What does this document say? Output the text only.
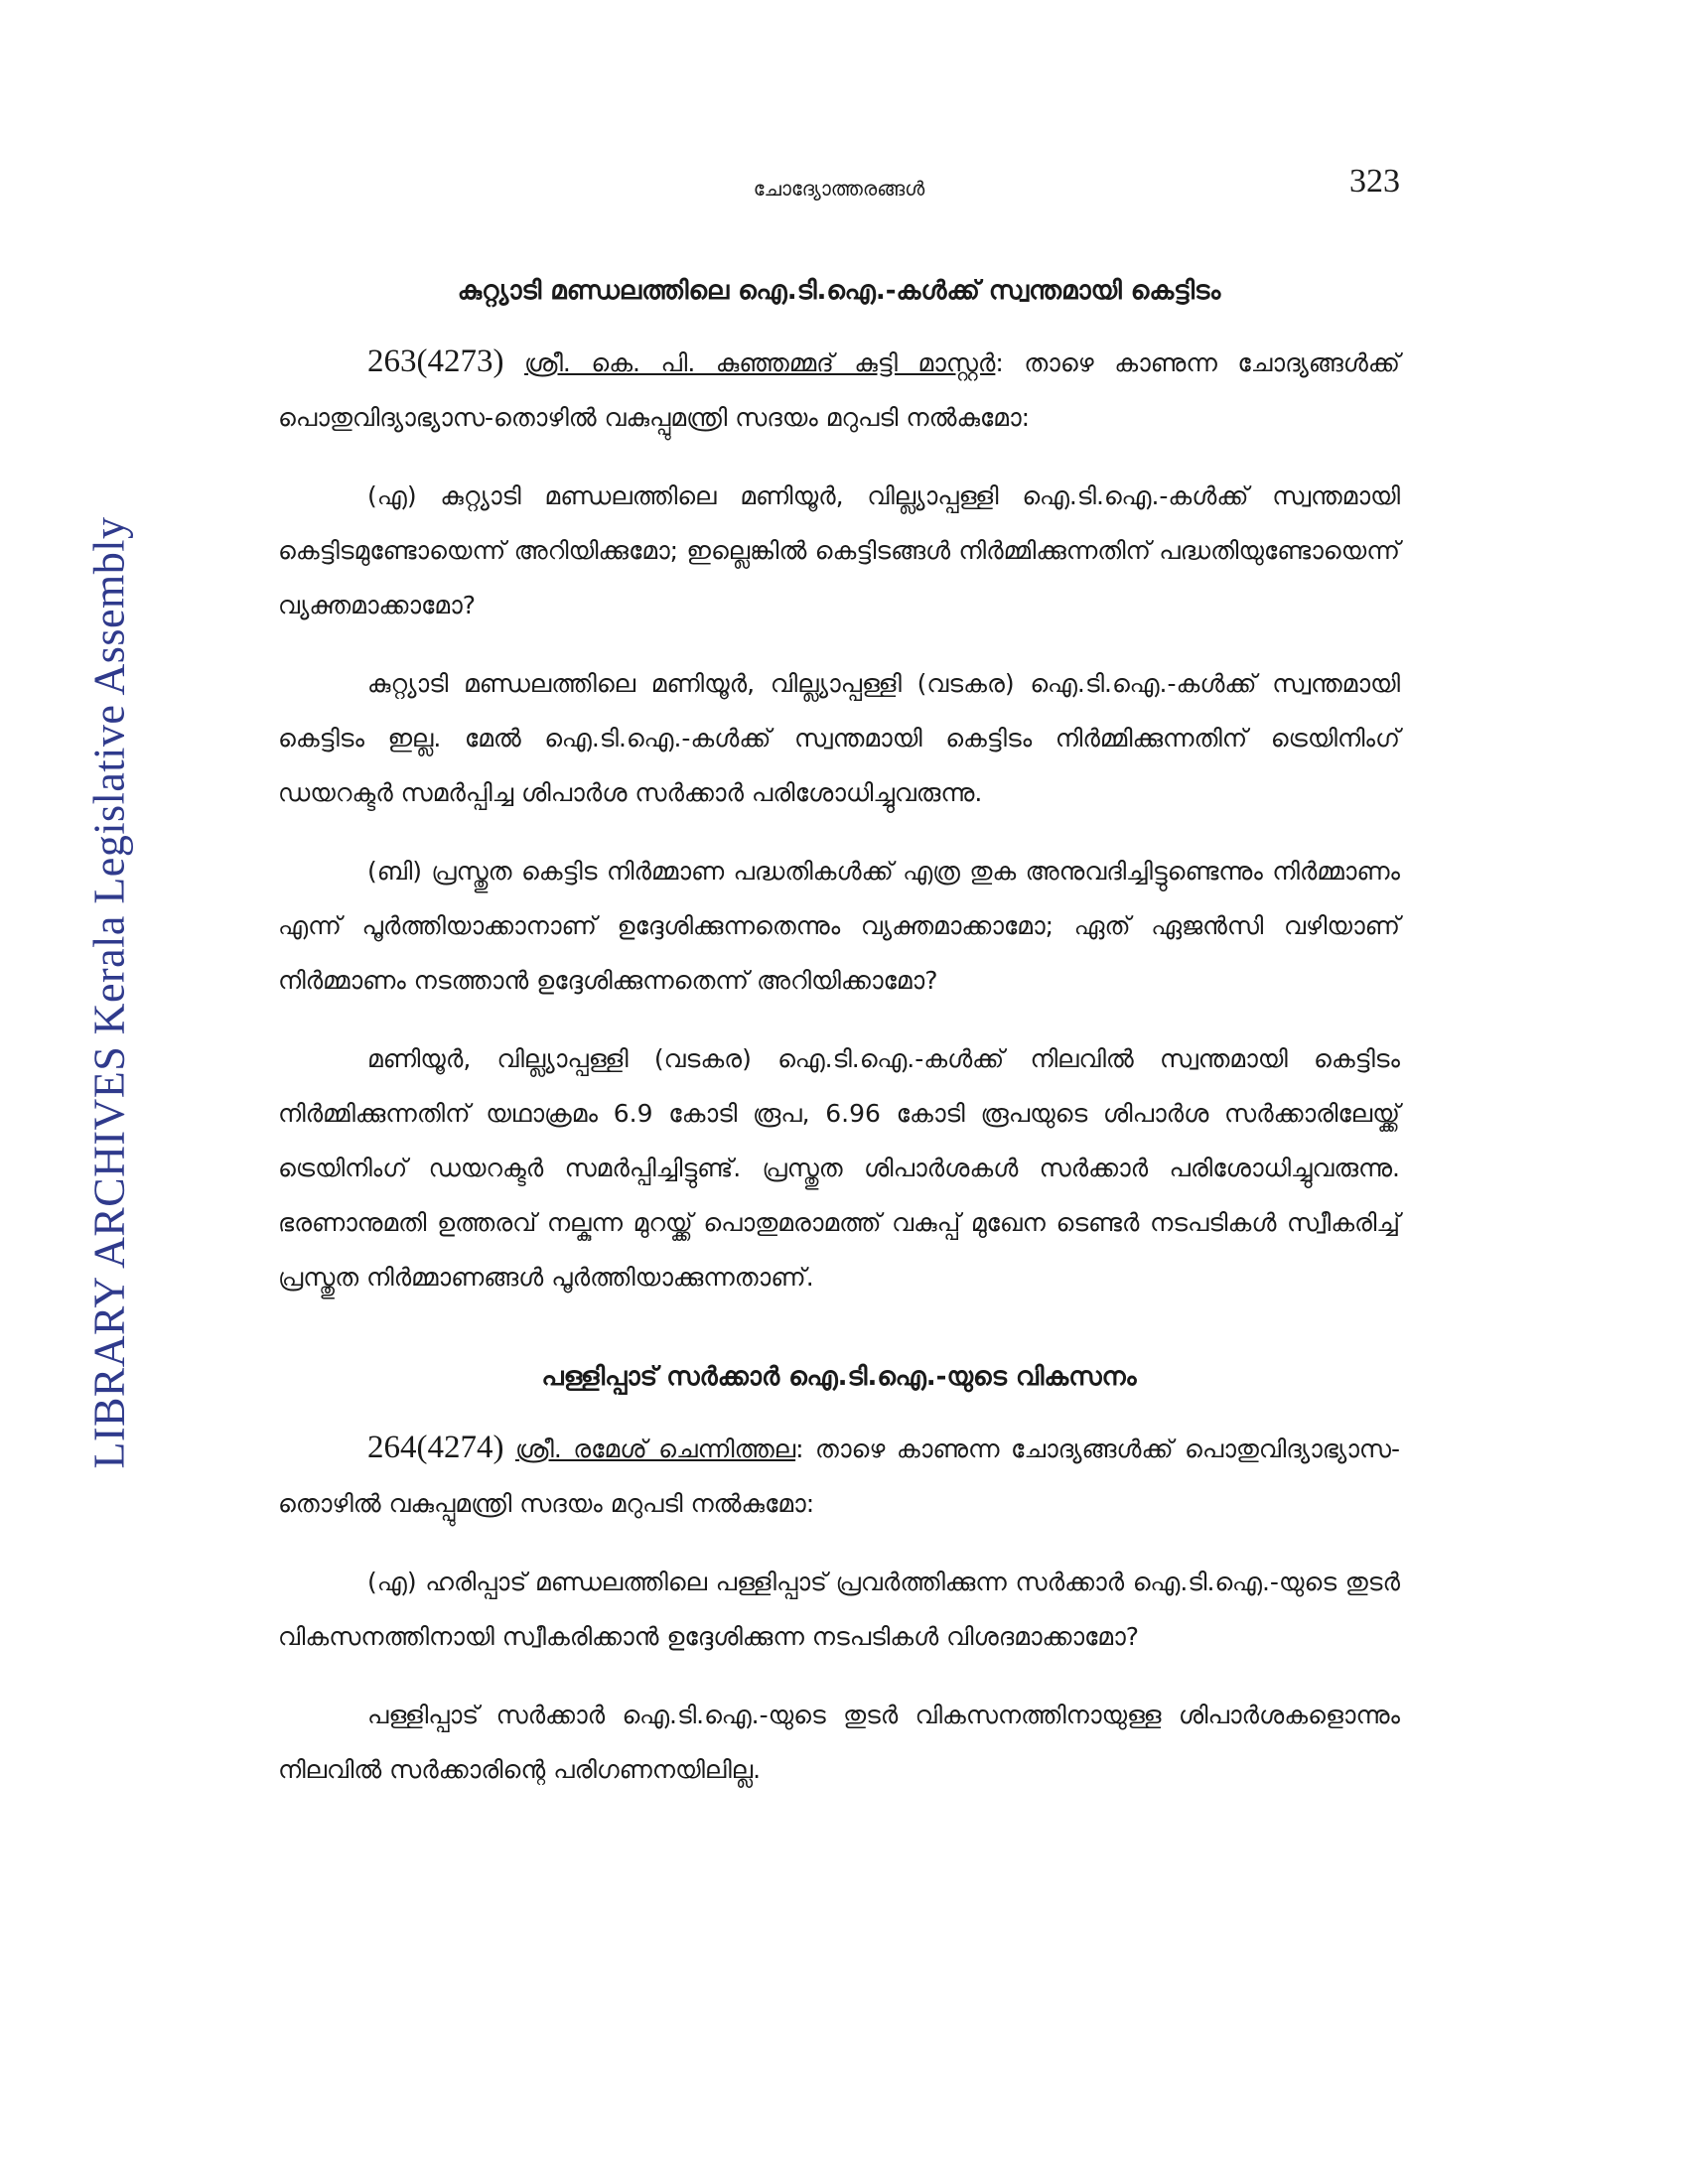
LIBRARY ARCHIVES Kerala Legislative Assembly
ചോദ്യോത്തരങ്ങൾ	323
കുറ്റ്യാടി മണ്ഡലത്തിലെ ഐ.ടി.ഐ.-കൾക്ക് സ്വന്തമായി കെട്ടിടം

263(4273) ശ്രീ. കെ. പി. കുഞ്ഞമ്മദ് കുട്ടി മാസ്റ്റർ: താഴെ കാണുന്ന ചോദ്യങ്ങൾക്ക് പൊതുവിദ്യാഭ്യാസ-തൊഴിൽ വകുപ്പുമന്ത്രി സദയം മറുപടി നൽകുമോ:

(എ) കുറ്റ്യാടി മണ്ഡലത്തിലെ മണിയൂർ, വില്ല്യാപ്പള്ളി ഐ.ടി.ഐ.-കൾക്ക് സ്വന്തമായി കെട്ടിടമുണ്ടോയെന്ന് അറിയിക്കുമോ; ഇല്ലെങ്കിൽ കെട്ടിടങ്ങൾ നിർമ്മിക്കുന്നതിന് പദ്ധതിയുണ്ടോയെന്ന് വ്യക്തമാക്കാമോ?

കുറ്റ്യാടി മണ്ഡലത്തിലെ മണിയൂർ, വില്ല്യാപ്പള്ളി (വടകര) ഐ.ടി.ഐ.-കൾക്ക് സ്വന്തമായി കെട്ടിടം ഇല്ല. മേൽ ഐ.ടി.ഐ.-കൾക്ക് സ്വന്തമായി കെട്ടിടം നിർമ്മിക്കുന്നതിന് ട്രെയിനിംഗ് ഡയറക്ടർ സമർപ്പിച്ച ശിപാർശ സർക്കാർ പരിശോധിച്ചുവരുന്നു.

(ബി) പ്രസ്തുത കെട്ടിട നിർമ്മാണ പദ്ധതികൾക്ക് എത്ര തുക അനുവദിച്ചിട്ടുണ്ടെന്നും നിർമ്മാണം എന്ന് പൂർത്തിയാക്കാനാണ് ഉദ്ദേശിക്കുന്നതെന്നും വ്യക്തമാക്കാമോ; ഏത് ഏജൻസി വഴിയാണ് നിർമ്മാണം നടത്താൻ ഉദ്ദേശിക്കുന്നതെന്ന് അറിയിക്കാമോ?

മണിയൂർ, വില്ല്യാപ്പള്ളി (വടകര) ഐ.ടി.ഐ.-കൾക്ക് നിലവിൽ സ്വന്തമായി കെട്ടിടം നിർമ്മിക്കുന്നതിന് യഥാക്രമം 6.9 കോടി രൂപ, 6.96 കോടി രൂപയുടെ ശിപാർശ സർക്കാരിലേയ്ക്ക് ട്രെയിനിംഗ് ഡയറക്ടർ സമർപ്പിച്ചിട്ടുണ്ട്. പ്രസ്തുത ശിപാർശകൾ സർക്കാർ പരിശോധിച്ചുവരുന്നു. ഭരണാനുമതി ഉത്തരവ് നല്കുന്ന മുറയ്ക്ക് പൊതുമരാമത്ത് വകുപ്പ് മുഖേന ടെണ്ടർ നടപടികൾ സ്വീകരിച്ച് പ്രസ്തുത നിർമ്മാണങ്ങൾ പൂർത്തിയാക്കുന്നതാണ്.

പള്ളിപ്പാട് സർക്കാർ ഐ.ടി.ഐ.-യുടെ വികസനം

264(4274) ശ്രീ. രമേശ് ചെന്നിത്തല: താഴെ കാണുന്ന ചോദ്യങ്ങൾക്ക് പൊതുവിദ്യാഭ്യാസ-തൊഴിൽ വകുപ്പുമന്ത്രി സദയം മറുപടി നൽകുമോ:

(എ) ഹരിപ്പാട് മണ്ഡലത്തിലെ പള്ളിപ്പാട് പ്രവർത്തിക്കുന്ന സർക്കാർ ഐ.ടി.ഐ.-യുടെ തുടർ വികസനത്തിനായി സ്വീകരിക്കാൻ ഉദ്ദേശിക്കുന്ന നടപടികൾ വിശദമാക്കാമോ?

പള്ളിപ്പാട് സർക്കാർ ഐ.ടി.ഐ.-യുടെ തുടർ വികസനത്തിനായുള്ള ശിപാർശകളൊന്നും നിലവിൽ സർക്കാരിന്റെ പരിഗണനയിലില്ല.
